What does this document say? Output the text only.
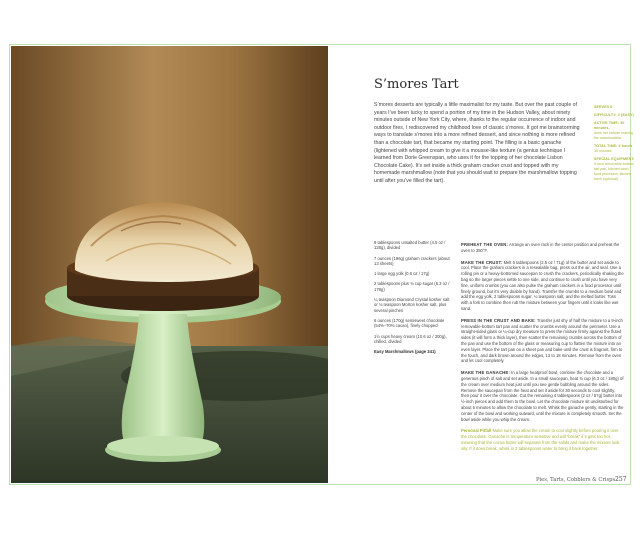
S’mores Tart

S’mores desserts are typically a little maximalist for my taste. But over the past couple of years I’ve been lucky to spend a portion of my time in the Hudson Valley, about ninety minutes outside of New York City, where, thanks to the regular occurrence of indoor and outdoor fires, I rediscovered my childhood love of classic s’mores. It got me brainstorming ways to translate s’mores into a more refined dessert, and since nothing is more refined than a chocolate tart, that became my starting point. The filling is a basic ganache (lightened with whipped cream to give it a mousse-like texture (a genius technique I learned from Dorie Greenspan, who uses it for the topping of her chocolate Lisbon Chocolate Cake). It’s set inside a thick graham cracker crust and topped with my homemade marshmallow (note that you should wait to prepare the marshmallow topping until after you’ve filled the tart).

SERVES 8
DIFFICULTY: 2 (EASY)
ACTIVE TIME: 30 minutes,
does not include making the marshmallow
TOTAL TIME: 4 hours
30 minutes
SPECIAL EQUIPMENT:
9-inch removable-bottom tart pan, kitchen torch, food processor, kitchen torch (optional)
9 tablespoons unsalted butter (4.5 oz / 128g), divided
7 ounces (196g) graham crackers (about 13 sheets)
1 large egg yolk (0.6 oz / 17g)
2 tablespoons plus ¾ cup sugar (6.3 oz / 179g)
¼ teaspoon Diamond Crystal kosher salt or ⅛ teaspoon Morton kosher salt, plus several pinches
6 ounces (170g) semisweet chocolate (54%–70% cacao), finely chopped
1½ cups heavy cream (10.6 oz / 300g), chilled, divided
Easy Marshmallows (page 341)
PREHEAT THE OVEN: Arrange an oven rack in the center position and preheat the oven to 350°F.
MAKE THE CRUST: Melt 5 tablespoons (2.5 oz / 71g) of the butter and set aside to cool. Place the graham crackers in a resealable bag, press out the air, and seal. Use a rolling pin or a heavy-bottomed saucepan to crush the crackers, periodically shaking the bag so the larger pieces settle to one side, and continue to crush until you have very fine, uniform crumbs (you can also pulse the graham crackers in a food processor until finely ground, but it’s very doable by hand). Transfer the crumbs to a medium bowl and add the egg yolk, 2 tablespoons sugar, ¼ teaspoon salt, and the melted butter. Toss with a fork to combine then rub the mixture between your fingers until it looks like wet sand.
PRESS IN THE CRUST AND BAKE: Transfer just shy of half the mixture to a 9-inch removable-bottom tart pan and scatter the crumbs evenly around the perimeter. Use a straight-sided glass or ¼-cup dry measure to press the mixture firmly against the fluted sides (it will form a thick layer), then scatter the remaining crumbs across the bottom of the pan and use the bottom of the glass or measuring cup to flatten the mixture into an even layer. Place the tart pan on a sheet pan and bake until the crust is fragrant, firm to the touch, and dark brown around the edges, 13 to 18 minutes. Remove from the oven and let cool completely.
MAKE THE GANACHE: In a large heatproof bowl, combine the chocolate and a generous pinch of salt and set aside. In a small saucepan, heat ¾ cup (6.3 oz / 180g) of the cream over medium heat just until you see gentle bubbling around the sides. Remove the saucepan from the heat and set it aside for 30 seconds to cool slightly, then pour it over the chocolate. Cut the remaining 4 tablespoons (2 oz / 57g) butter into ½-inch pieces and add them to the bowl. Let the chocolate mixture sit undisturbed for about 5 minutes to allow the chocolate to melt. Whisk the ganache gently, starting in the center of the bowl and working outward, until the mixture is completely smooth. Set the bowl aside while you whip the cream.
Personal Pitfall Make sure you allow the cream to cool slightly before pouring it over the chocolate. Ganache is temperature sensitive and will “break” if it gets too hot, meaning that the cocoa butter will separate from the solids and make the mixture look oily. If it does break, whisk in 2 tablespoons water to bring it back together.
Pies, Tarts, Cobblers & Crisps 257
